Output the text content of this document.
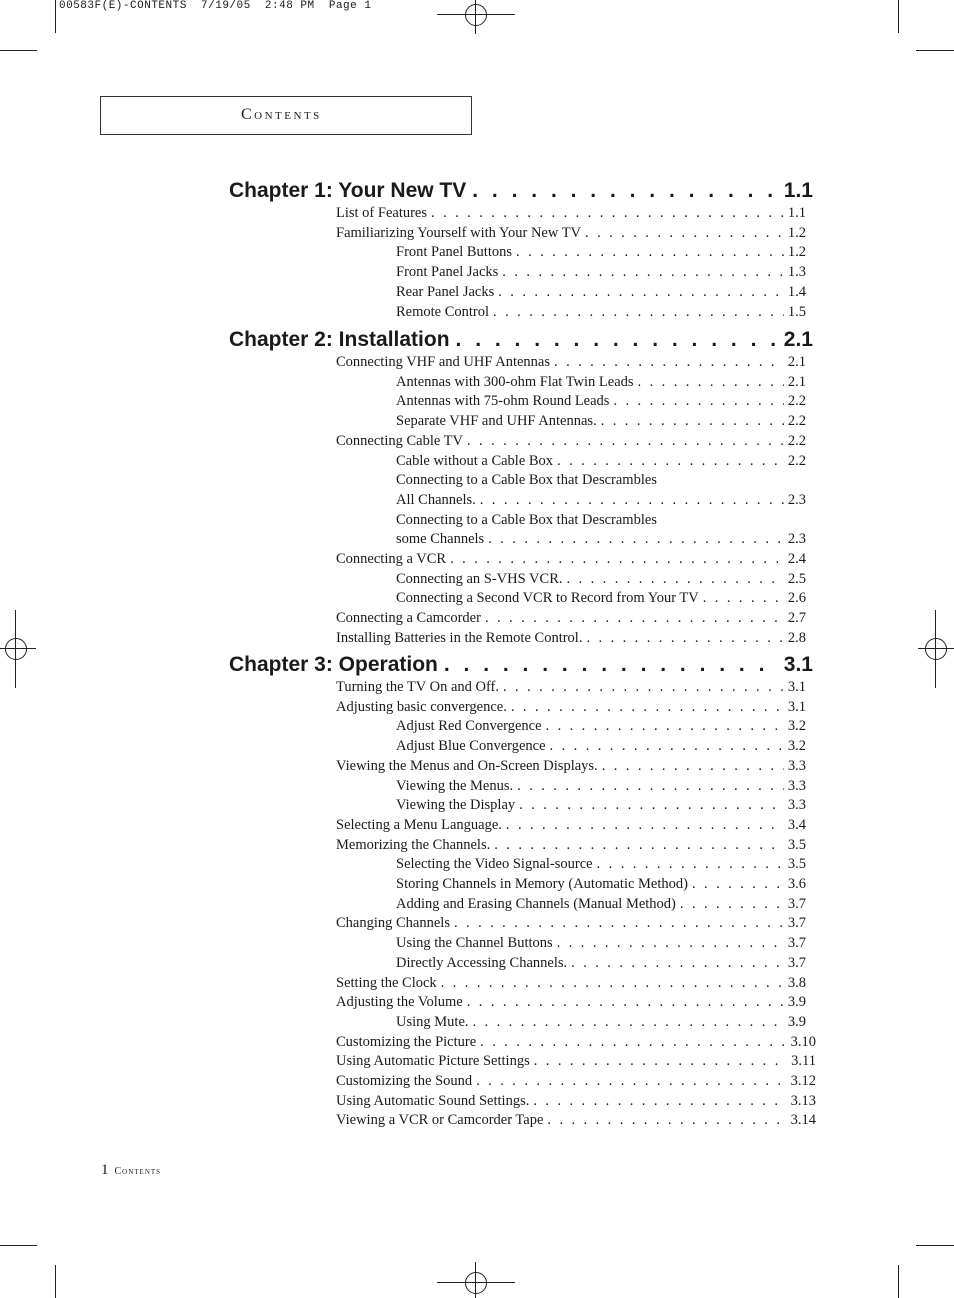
00583F(E)-CONTENTS  7/19/05  2:48 PM  Page 1
Contents
Chapter 1: Your New TV . . .	1.1
List of Features . . .	1.1
Familiarizing Yourself with Your New TV . . .	1.2
Front Panel Buttons . . .	1.2
Front Panel Jacks . . .	1.3
Rear Panel Jacks . . .	1.4
Remote Control . . .	1.5
Chapter 2: Installation . . .	2.1
Connecting VHF and UHF Antennas . . .	2.1
Antennas with 300-ohm Flat Twin Leads . . .	2.1
Antennas with 75-ohm Round Leads . . .	2.2
Separate VHF and UHF Antennas. . . .	2.2
Connecting Cable TV . . .	2.2
Cable without a Cable Box . . .	2.2
Connecting to a Cable Box that Descrambles
All Channels. . . .	2.3
Connecting to a Cable Box that Descrambles
some Channels . . .	2.3
Connecting a VCR . . .	2.4
Connecting an S-VHS VCR. . . .	2.5
Connecting a Second VCR to Record from Your TV . . .	2.6
Connecting a Camcorder . . .	2.7
Installing Batteries in the Remote Control. . . .	2.8
Chapter 3: Operation . . .	3.1
Turning the TV On and Off. . . .	3.1
Adjusting basic convergence. . . .	3.1
Adjust Red Convergence . . .	3.2
Adjust Blue Convergence . . .	3.2
Viewing the Menus and On-Screen Displays. . . .	3.3
Viewing the Menus. . . .	3.3
Viewing the Display . . .	3.3
Selecting a Menu Language. . . .	3.4
Memorizing the Channels. . . .	3.5
Selecting the Video Signal-source . . .	3.5
Storing Channels in Memory (Automatic Method) . . .	3.6
Adding and Erasing Channels (Manual Method) . . .	3.7
Changing Channels . . .	3.7
Using the Channel Buttons . . .	3.7
Directly Accessing Channels. . . .	3.7
Setting the Clock . . .	3.8
Adjusting the Volume . . .	3.9
Using Mute. . . .	3.9
Customizing the Picture . . .	3.10
Using Automatic Picture Settings . . .	3.11
Customizing the Sound . . .	3.12
Using Automatic Sound Settings. . . .	3.13
Viewing a VCR or Camcorder Tape . . .	3.14
1 Contents
